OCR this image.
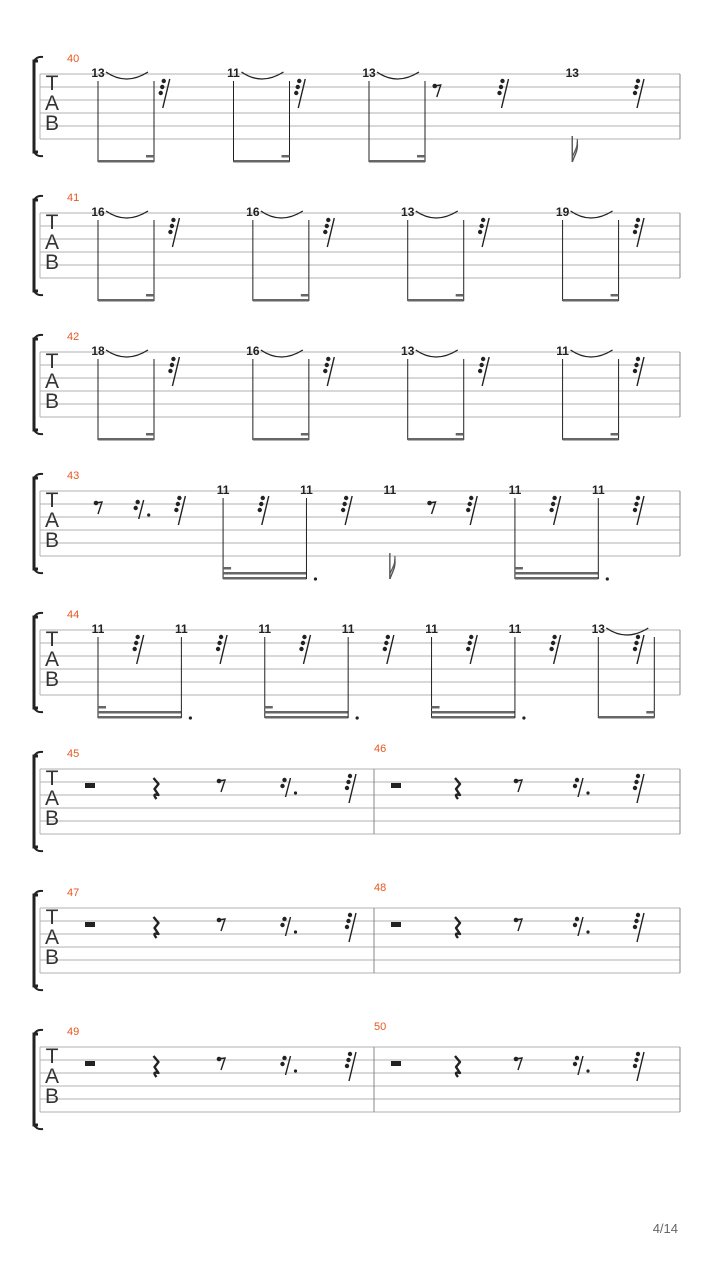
T
A
B
40
13	11	13	13
T
A
B
41
16	16	13	19
T
A
B
42
18	16	13	11
T
A
B
43
11	11	11	11	11
T
A
B
44
11	11	11	11	11	11	13
T
A
B
45	46
T
A
B
47	48
T
A
B
49	50
4/14
